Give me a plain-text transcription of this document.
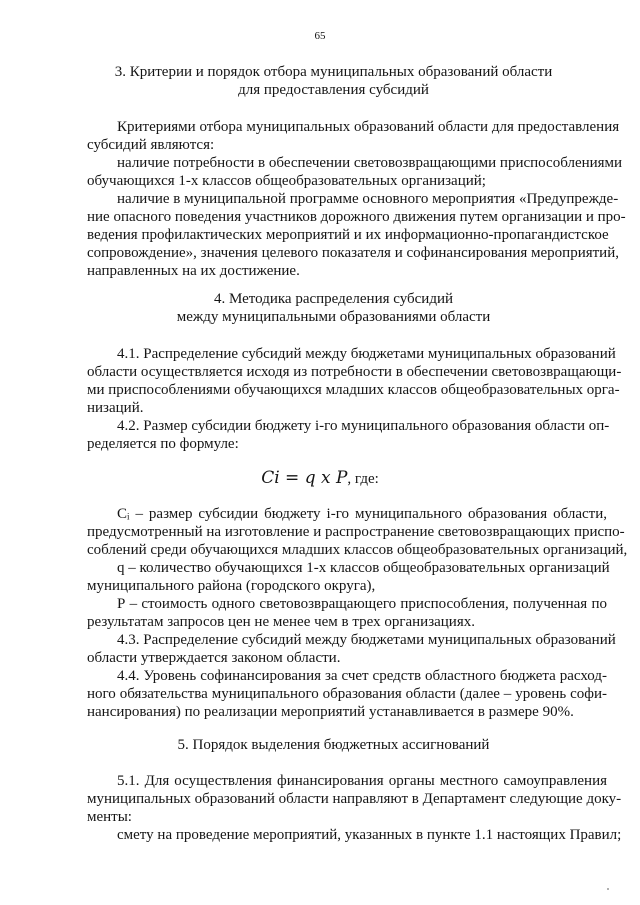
65
3. Критерии и порядок отбора муниципальных образований области
для предоставления субсидий
Критериями отбора муниципальных образований области для предоставления
субсидий являются:
наличие потребности в обеспечении световозвращающими приспособлениями
обучающихся 1-х классов общеобразовательных организаций;
наличие в муниципальной программе основного мероприятия «Предупрежде-
ние опасного поведения участников дорожного движения путем организации и про-
ведения профилактических мероприятий и их информационно-пропагандистское
сопровождение», значения целевого показателя и софинансирования мероприятий,
направленных на их достижение.
4. Методика распределения субсидий
между муниципальными образованиями области
4.1. Распределение субсидий между бюджетами муниципальных образований
области осуществляется исходя из потребности в обеспечении световозвращающи-
ми приспособлениями обучающихся младших классов общеобразовательных орга-
низаций.
4.2. Размер субсидии бюджету i-го муниципального образования области оп-
ределяется по формуле:
Ci = q x P, где:
Cᵢ – размер субсидии бюджету i-го муниципального образования области,
предусмотренный на изготовление и распространение световозвращающих приспо-
соблений среди обучающихся младших классов общеобразовательных организаций,
q – количество обучающихся 1-х классов общеобразовательных организаций
муниципального района (городского округа),
Р – стоимость одного световозвращающего приспособления, полученная по
результатам запросов цен не менее чем в трех организациях.
4.3. Распределение субсидий между бюджетами муниципальных образований
области утверждается законом области.
4.4. Уровень софинансирования за счет средств областного бюджета расход-
ного обязательства муниципального образования области (далее – уровень софи-
нансирования) по реализации мероприятий устанавливается в размере 90%.
5. Порядок выделения бюджетных ассигнований
5.1. Для осуществления финансирования органы местного самоуправления
муниципальных образований области направляют в Департамент следующие доку-
менты:
смету на проведение мероприятий, указанных в пункте 1.1 настоящих Правил;
